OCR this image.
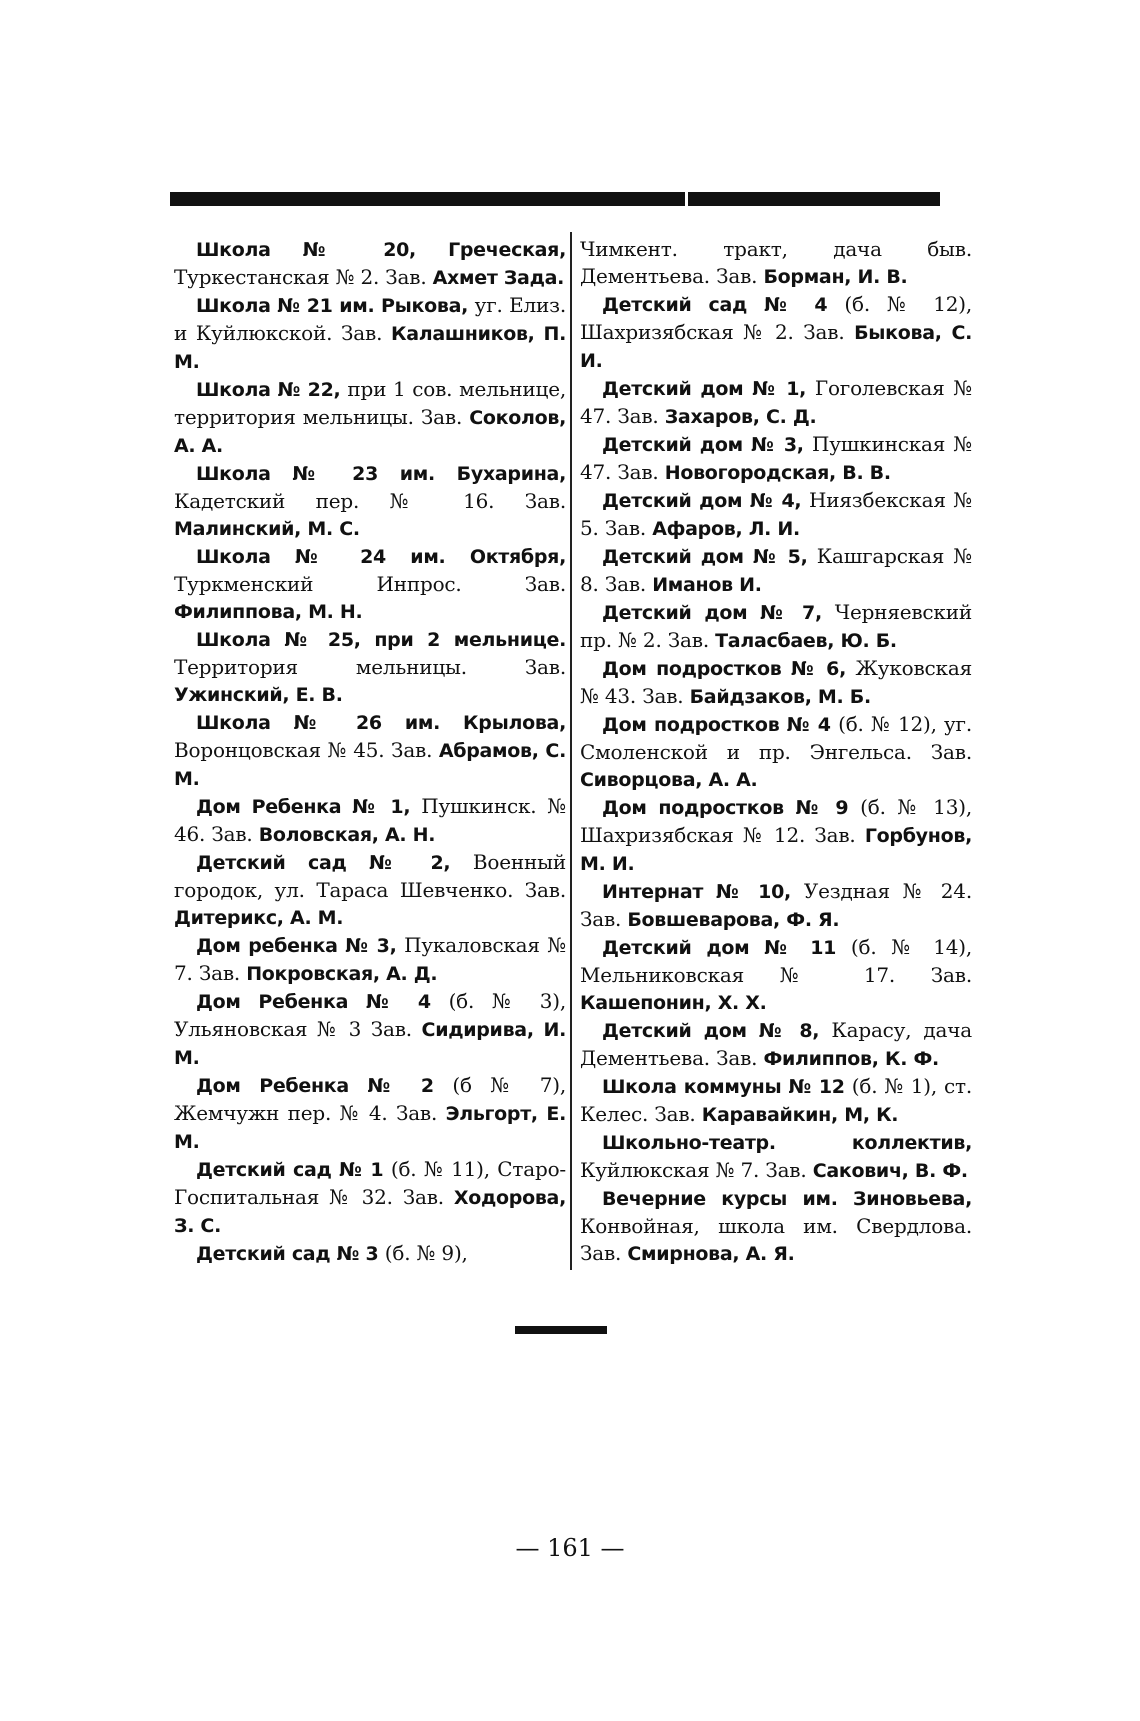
Школа № 20, Греческая, Туркестанская № 2. Зав. Ахмет Зада.

Школа № 21 им. Рыкова, уг. Елиз. и Куйлюкской. Зав. Калашников, П. М.

Школа № 22, при 1 сов. мельнице, территория мельницы. Зав. Соколов, А. А.

Школа № 23 им. Бухарина, Кадетский пер. № 16. Зав. Малинский, М. С.

Школа № 24 им. Октября, Туркменский Инпрос. Зав. Филиппова, М. Н.

Школа № 25, при 2 мельнице. Территория мельницы. Зав. Ужинский, Е. В.

Школа № 26 им. Крылова, Воронцовская № 45. Зав. Абрамов, С. М.

Дом Ребенка № 1, Пушкинск. № 46. Зав. Воловская, А. Н.

Детский сад № 2, Военный городок, ул. Тараса Шевченко. Зав. Дитерикс, А. М.

Дом ребенка № 3, Пукаловская № 7. Зав. Покровская, А. Д.

Дом Ребенка № 4 (б. № 3), Ульяновская № 3 Зав. Сидирива, И. М.

Дом Ребенка № 2 (б № 7), Жемчужн пер. № 4. Зав. Эльгорт, Е. М.

Детский сад № 1 (б. № 11), Старо-Госпитальная № 32. Зав. Ходорова, З. С.

Детский сад № 3 (б. № 9),

Чимкент. тракт, дача быв. Дементьева. Зав. Борман, И. В.

Детский сад № 4 (б. № 12), Шахризябская № 2. Зав. Быкова, С. И.

Детский дом № 1, Гоголевская № 47. Зав. Захаров, С. Д.

Детский дом № 3, Пушкинская № 47. Зав. Новогородская, В. В.

Детский дом № 4, Ниязбекская № 5. Зав. Афаров, Л. И.

Детский дом № 5, Кашгарская № 8. Зав. Иманов И.

Детский дом № 7, Черняевский пр. № 2. Зав. Таласбаев, Ю. Б.

Дом подростков № 6, Жуковская № 43. Зав. Байдзаков, М. Б.

Дом подростков № 4 (б. № 12), уг. Смоленской и пр. Энгельса. Зав. Сиворцова, А. А.

Дом подростков № 9 (б. № 13), Шахризябская № 12. Зав. Горбунов, М. И.

Интернат № 10, Уездная № 24. Зав. Бовшеварова, Ф. Я.

Детский дом № 11 (б. № 14), Мельниковская № 17. Зав. Кашепонин, Х. Х.

Детский дом № 8, Карасу, дача Дементьева. Зав. Филиппов, К. Ф.

Школа коммуны № 12 (б. № 1), ст. Келес. Зав. Каравайкин, М, К.

Школьно-театр. коллектив, Куйлюкская № 7. Зав. Сакович, В. Ф.

Вечерние курсы им. Зиновьева, Конвойная, школа им. Свердлова. Зав. Смирнова, А. Я.

— 161 —
